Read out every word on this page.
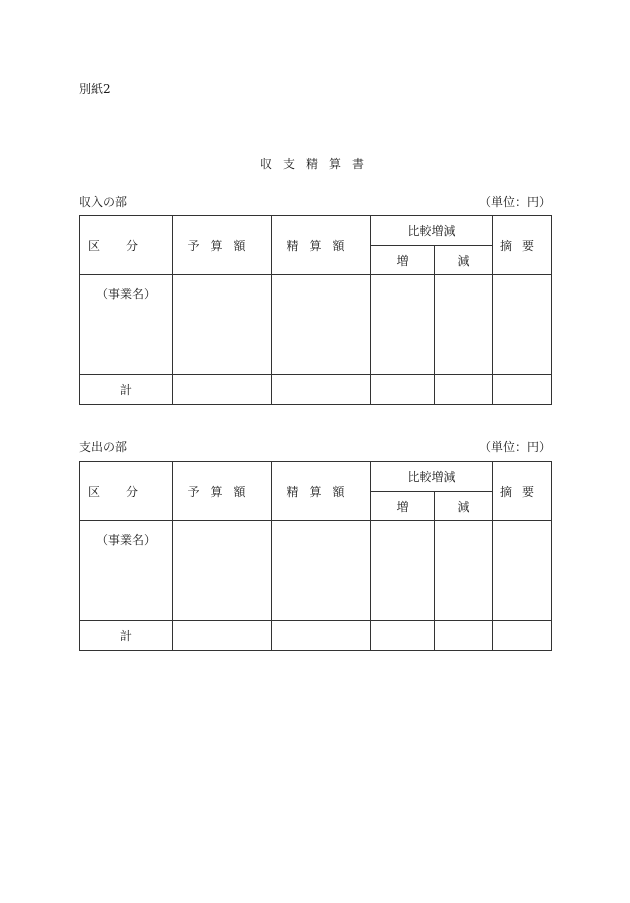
別紙2
収支精算書
収入の部	（単位：円）
区分	予算額	精算額	比較増減		摘要
			増	減	
（事業名）					
計					
支出の部	（単位：円）
区分	予算額	精算額	比較増減		摘要
			増	減	
（事業名）					
計					
